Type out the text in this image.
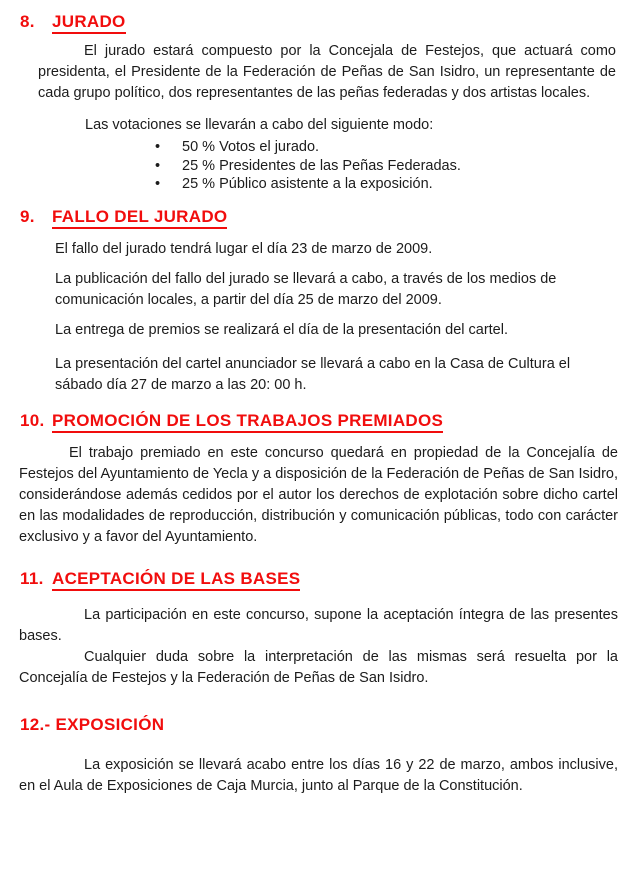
8. JURADO

El jurado estará compuesto por la Concejala de Festejos, que actuará como presidenta, el Presidente de la Federación de Peñas de San Isidro, un representante de cada grupo político, dos representantes de las peñas federadas y dos artistas locales.

Las votaciones se llevarán a cabo del siguiente modo:

•	50 % Votos el jurado.
•	25 % Presidentes de las Peñas Federadas.
•	25 % Público asistente a la exposición.
9. FALLO DEL JURADO

El fallo del jurado tendrá lugar el día 23 de marzo de 2009.

La publicación del fallo del jurado se llevará a cabo, a través de los medios de comunicación locales, a partir del día 25 de marzo del 2009.

La entrega de premios se realizará el día de la presentación del cartel.

La presentación del cartel anunciador se llevará a cabo en la Casa de Cultura el sábado día 27 de marzo a las 20: 00 h.

10. PROMOCIÓN DE LOS TRABAJOS PREMIADOS

El trabajo premiado en este concurso quedará en propiedad de la Concejalía de Festejos del Ayuntamiento de Yecla y a disposición de la Federación de Peñas de San Isidro, considerándose además cedidos por el autor los derechos de explotación sobre dicho cartel en las modalidades de reproducción, distribución y comunicación públicas, todo con carácter exclusivo y a favor del Ayuntamiento.

11. ACEPTACIÓN DE LAS BASES

La participación en este concurso, supone la aceptación íntegra de las presentes bases.

Cualquier duda sobre la interpretación de las mismas será resuelta por la Concejalía de Festejos y la Federación de Peñas de San Isidro.

12.- EXPOSICIÓN

La exposición se llevará acabo entre los días 16 y 22 de marzo, ambos inclusive, en el Aula de Exposiciones de Caja Murcia, junto al Parque de la Constitución.
